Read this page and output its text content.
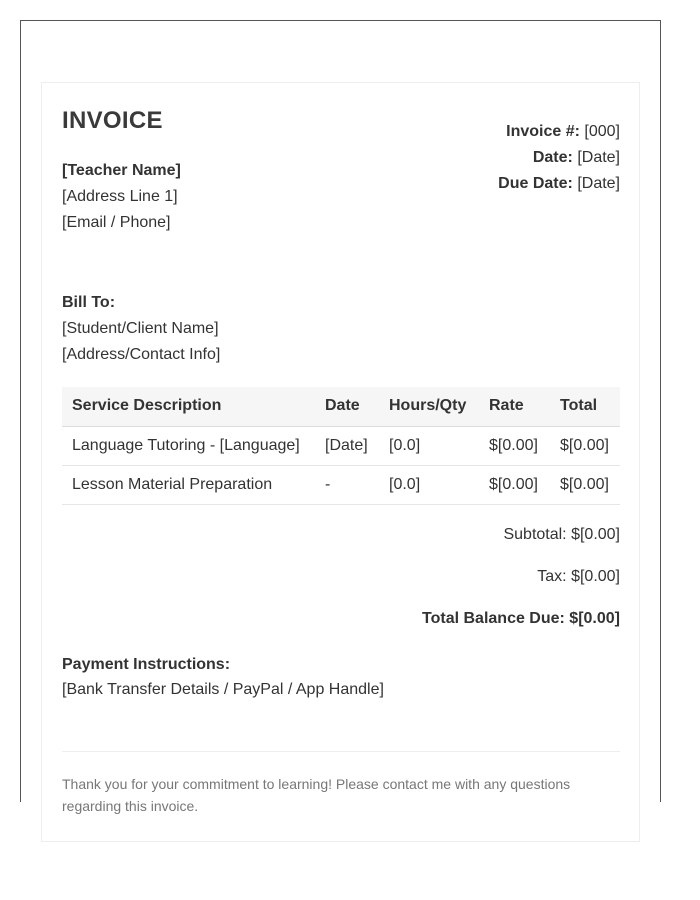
INVOICE
[Teacher Name]
[Address Line 1]
[Email / Phone]
Invoice #: [000]
Date: [Date]
Due Date: [Date]
Bill To:
[Student/Client Name]
[Address/Contact Info]
Service Description	Date	Hours/Qty	Rate	Total
Language Tutoring - [Language]	[Date]	[0.0]	$[0.00]	$[0.00]
Lesson Material Preparation	-	[0.0]	$[0.00]	$[0.00]
Subtotal: $[0.00]
Tax: $[0.00]
Total Balance Due: $[0.00]
Payment Instructions:
[Bank Transfer Details / PayPal / App Handle]
Thank you for your commitment to learning! Please contact me with any questions regarding this invoice.
